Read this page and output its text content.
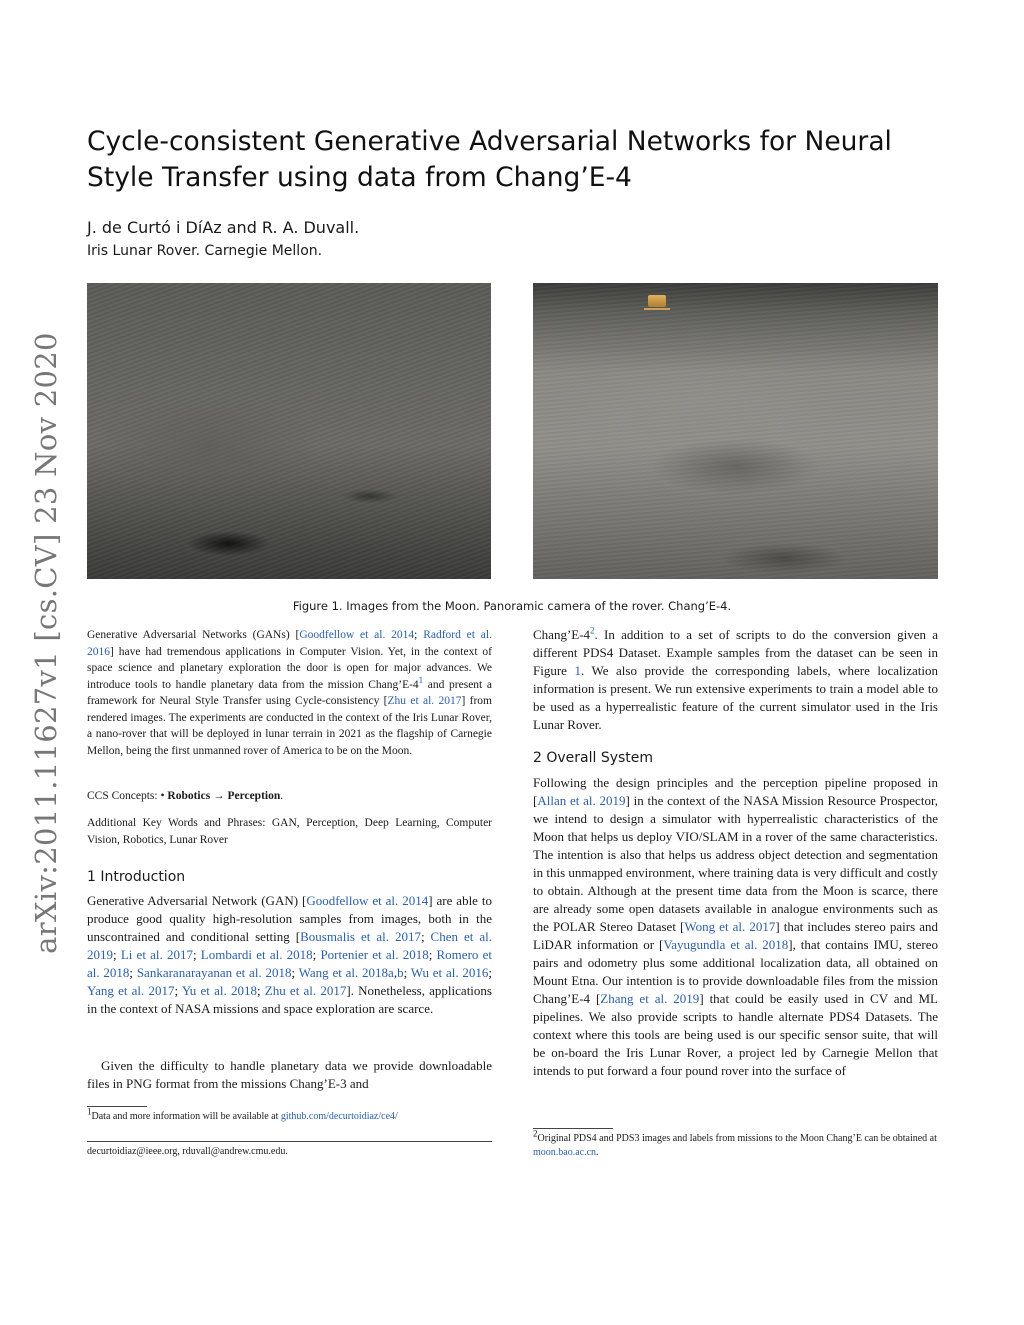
Cycle-consistent Generative Adversarial Networks for Neural Style Transfer using data from Chang’E-4
J. de Curtó i DíAz and R. A. Duvall.
Iris Lunar Rover. Carnegie Mellon.
arXiv:2011.11627v1 [cs.CV] 23 Nov 2020	Figure 1. Images from the Moon. Panoramic camera of the rover. Chang’E-4.

Generative Adversarial Networks (GANs) [Goodfellow et al. 2014; Radford et al. 2016] have had tremendous applications in Computer Vision. Yet, in the context of space science and planetary exploration the door is open for major advances. We introduce tools to handle planetary data from the mission $Chang’E-4^1$ and present a framework for Neural Style Transfer using Cycle-consistency [Zhu et al. 2017] from rendered images. The experiments are conducted in the context of the Iris Lunar Rover, a nano-rover that will be deployed in lunar terrain in 2021 as the flagship of Carnegie Mellon, being the first unmanned rover of America to be on the Moon.

CCS Concepts: • Robotics → Perception.
Additional Key Words and Phrases: GAN, Perception, Deep Learning, Computer Vision, Robotics, Lunar Rover
1 Introduction

Generative Adversarial Network (GAN) [Goodfellow et al. 2014] are able to produce good quality high-resolution samples from images, both in the unscontrained and conditional setting [Bousmalis et al. 2017; Chen et al. 2019; Li et al. 2017; Lombardi et al. 2018; Portenier et al. 2018; Romero et al. 2018; Sankaranarayanan et al. 2018; Wang et al. 2018a,b; Wu et al. 2016; Yang et al. 2017; Yu et al. 2018; Zhu et al. 2017]. Nonetheless, applications in the context of NASA missions and space exploration are scarce.

Given the difficulty to handle planetary data we provide downloadable files in PNG format from the missions Chang’E-3 and
$^1$Data and more information will be available at github.com/decurtoidiaz/ce4/
decurtoidiaz@ieee.org, rduvall@andrew.cmu.edu.

$Chang’E-4^2$. In addition to a set of scripts to do the conversion given a different PDS4 Dataset. Example samples from the dataset can be seen in Figure 1. We also provide the corresponding labels, where localization information is present. We run extensive experiments to train a model able to be used as a hyperrealistic feature of the current simulator used in the Iris Lunar Rover.

2 Overall System

Following the design principles and the perception pipeline proposed in [Allan et al. 2019] in the context of the NASA Mission Resource Prospector, we intend to design a simulator with hyperrealistic characteristics of the Moon that helps us deploy VIO/SLAM in a rover of the same characteristics. The intention is also that helps us address object detection and segmentation in this unmapped environment, where training data is very difficult and costly to obtain. Although at the present time data from the Moon is scarce, there are already some open datasets available in analogue environments such as the POLAR Stereo Dataset [Wong et al. 2017] that includes stereo pairs and LiDAR information or [Vayugundla et al. 2018], that contains IMU, stereo pairs and odometry plus some additional localization data, all obtained on Mount Etna. Our intention is to provide downloadable files from the mission Chang’E-4 [Zhang et al. 2019] that could be easily used in CV and ML pipelines. We also provide scripts to handle alternate PDS4 Datasets. The context where this tools are being used is our specific sensor suite, that will be on-board the Iris Lunar Rover, a project led by Carnegie Mellon that intends to put forward a four pound rover into the surface of

$^2$Original PDS4 and PDS3 images and labels from missions to the Moon Chang’E can be obtained at moon.bao.ac.cn.
